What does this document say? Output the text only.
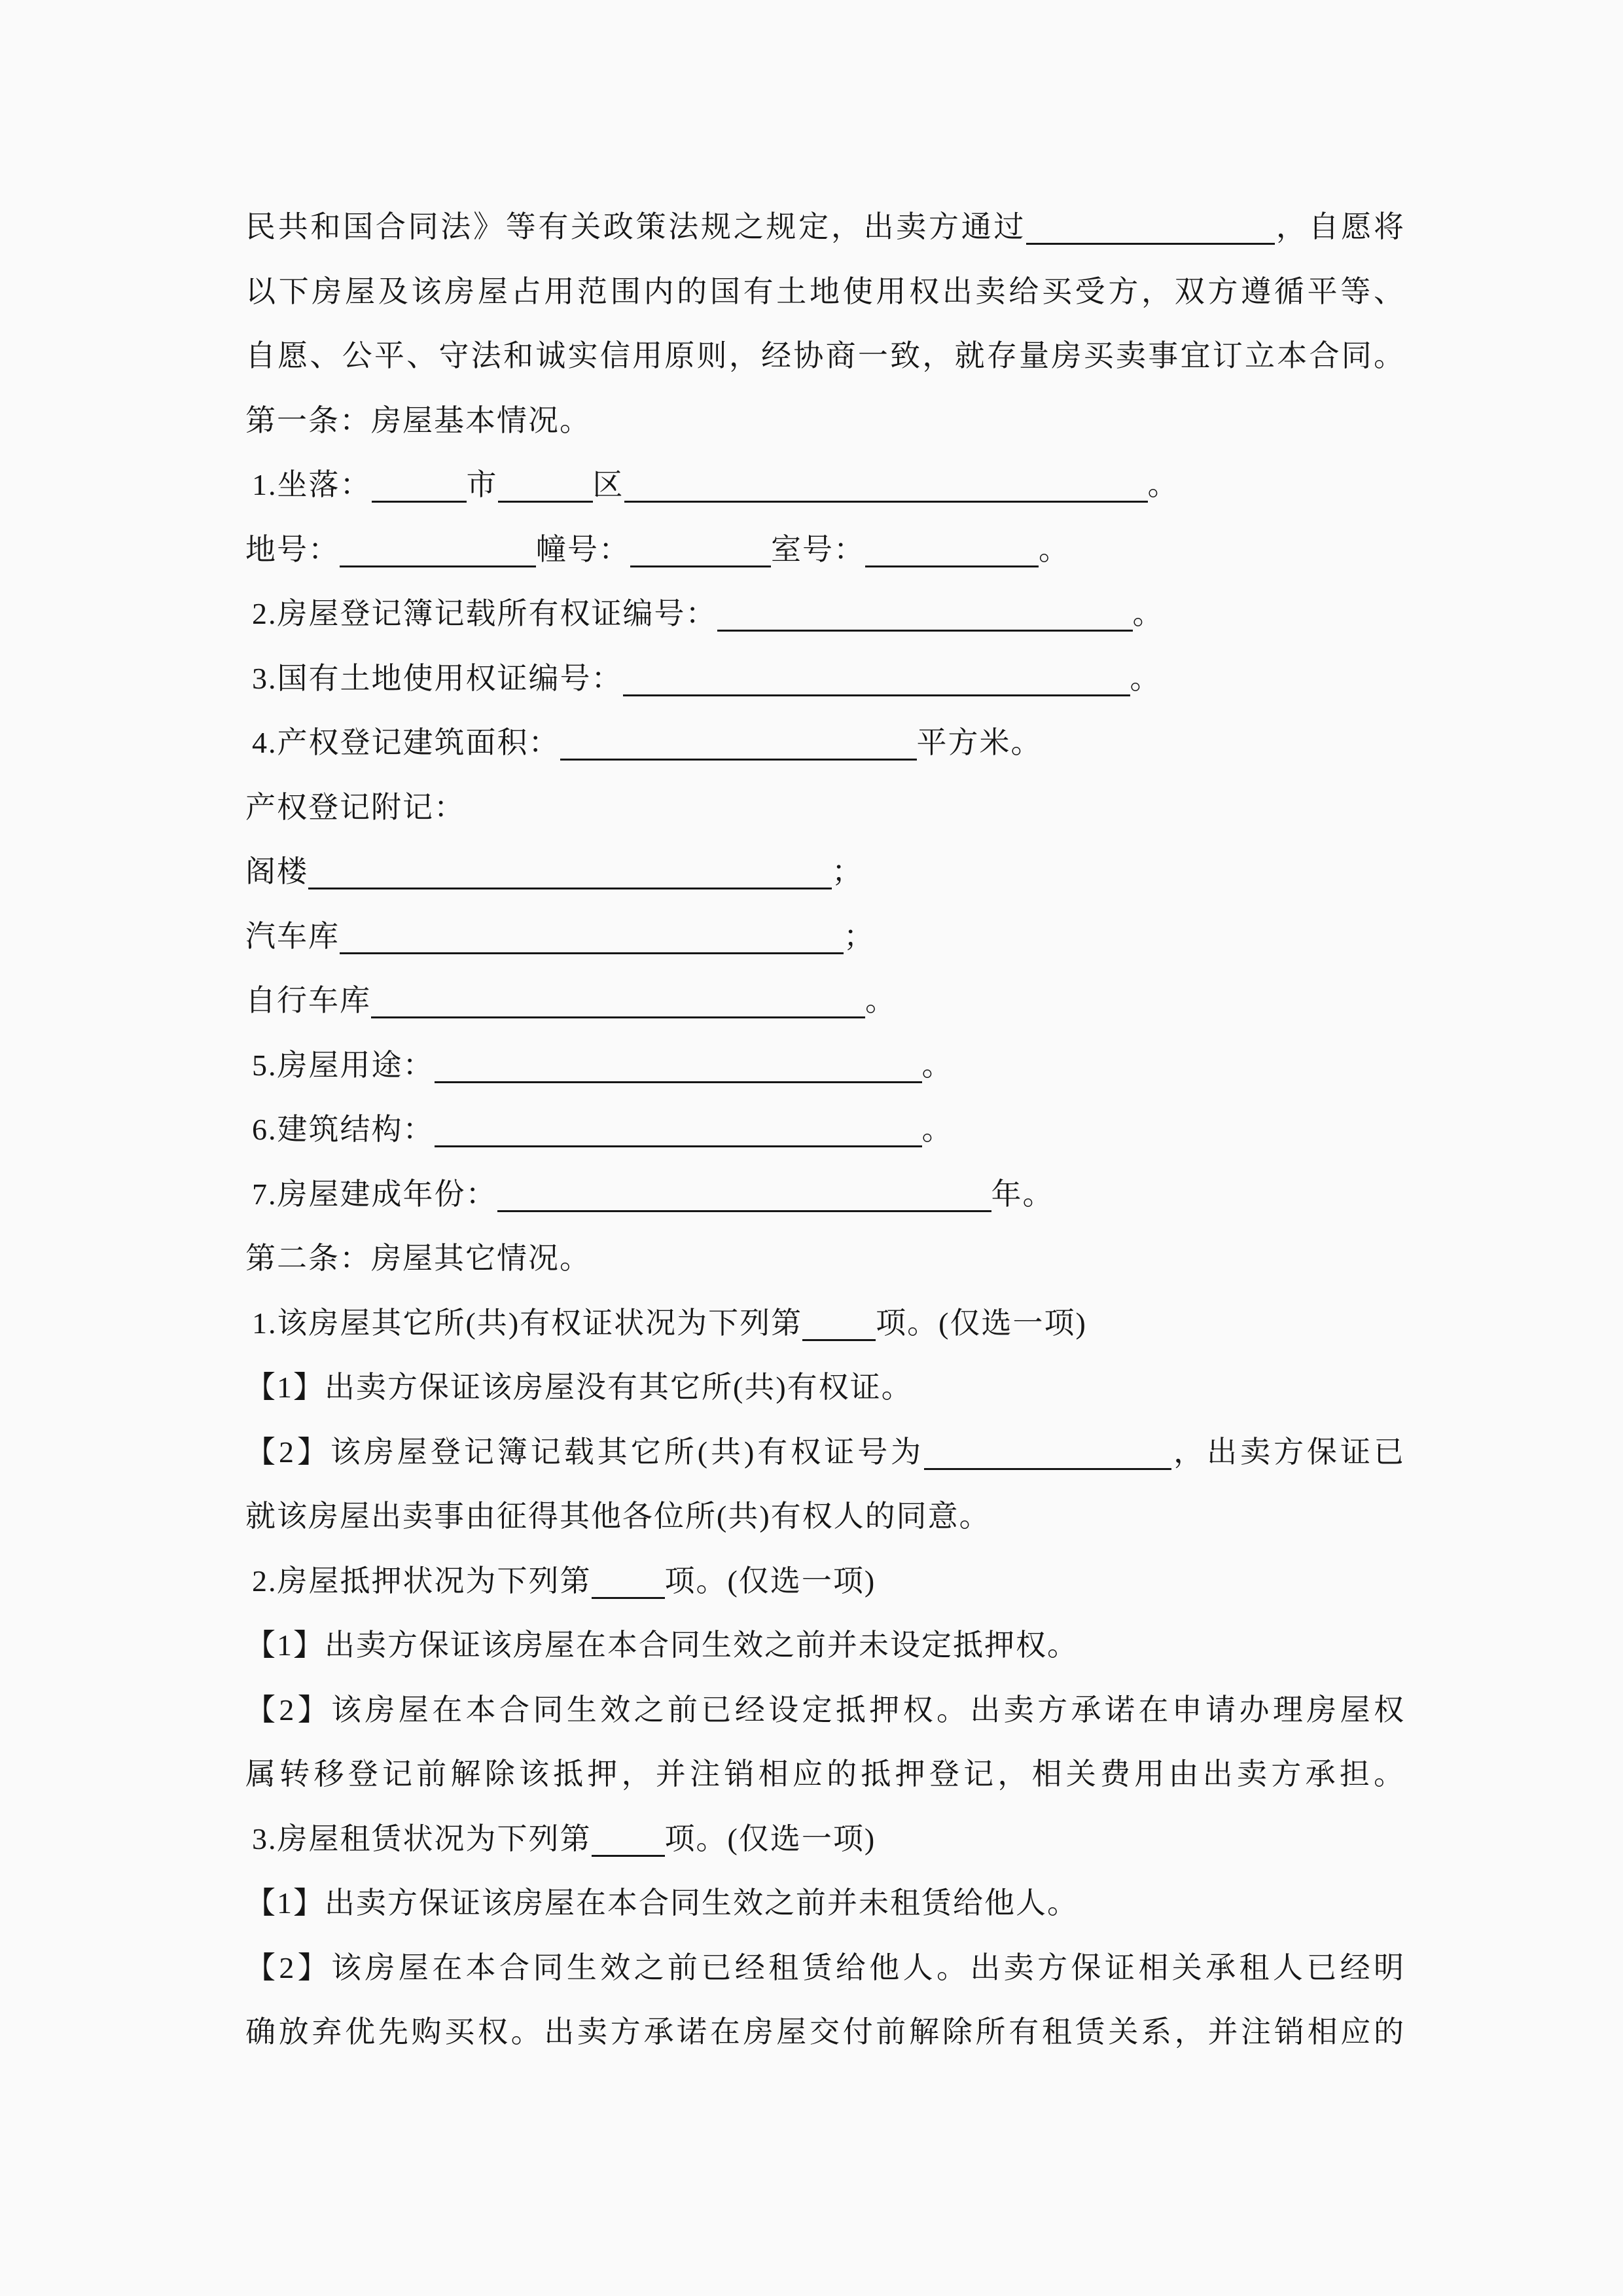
民共和国合同法》等有关政策法规之规定，出卖方通过	，自愿将
以下房屋及该房屋占用范围内的国有土地使用权出卖给买受方，双方遵循平等、
自愿、公平、守法和诚实信用原则，经协商一致，就存量房买卖事宜订立本合同。
第一条：房屋基本情况。
1.坐落：	市	区	。
地号：	幢号：	室号：	。
2.房屋登记簿记载所有权证编号：	。
3.国有土地使用权证编号：	。
4.产权登记建筑面积：	平方米。
产权登记附记：
阁楼	；
汽车库	；
自行车库	。
5.房屋用途：	。
6.建筑结构：	。
7.房屋建成年份：	年。
第二条：房屋其它情况。
1.该房屋其它所(共)有权证状况为下列第 项。(仅选一项)
【1】出卖方保证该房屋没有其它所(共)有权证。
【2】该房屋登记簿记载其它所(共)有权证号为	，出卖方保证已
就该房屋出卖事由征得其他各位所(共)有权人的同意。
2.房屋抵押状况为下列第 项。(仅选一项)
【1】出卖方保证该房屋在本合同生效之前并未设定抵押权。
【2】该房屋在本合同生效之前已经设定抵押权。出卖方承诺在申请办理房屋权
属转移登记前解除该抵押，并注销相应的抵押登记，相关费用由出卖方承担。
3.房屋租赁状况为下列第 项。(仅选一项)
【1】出卖方保证该房屋在本合同生效之前并未租赁给他人。
【2】该房屋在本合同生效之前已经租赁给他人。出卖方保证相关承租人已经明
确放弃优先购买权。出卖方承诺在房屋交付前解除所有租赁关系，并注销相应的
